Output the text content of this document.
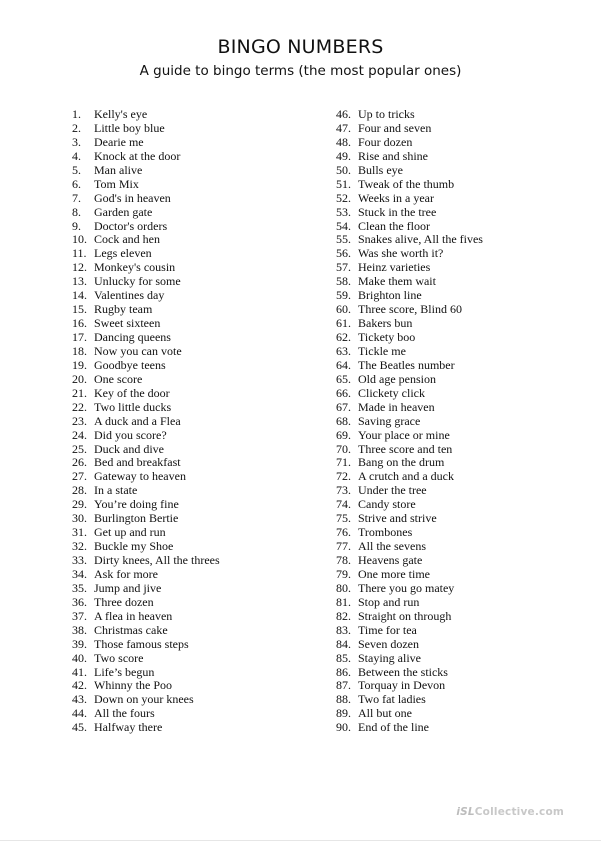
BINGO NUMBERS
A guide to bingo terms (the most popular ones)
1.	Kelly's eye
2.	Little boy blue
3.	Dearie me
4.	Knock at the door
5.	Man alive
6.	Tom Mix
7.	God's in heaven
8.	Garden gate
9.	Doctor's orders
10. Cock and hen
11. Legs eleven
12. Monkey's cousin
13. Unlucky for some
14. Valentines day
15. Rugby team
16. Sweet sixteen
17. Dancing queens
18. Now you can vote
19. Goodbye teens
20. One score
21. Key of the door
22. Two little ducks
23. A duck and a Flea
24. Did you score?
25. Duck and dive
26. Bed and breakfast
27. Gateway to heaven
28. In a state
29. You’re doing fine
30. Burlington Bertie
31. Get up and run
32. Buckle my Shoe
33. Dirty knees, All the threes
34. Ask for more
35. Jump and jive
36. Three dozen
37. A flea in heaven
38. Christmas cake
39. Those famous steps
40. Two score
41. Life’s begun
42. Whinny the Poo
43. Down on your knees
44. All the fours
45. Halfway there
46. Up to tricks
47. Four and seven
48. Four dozen
49. Rise and shine
50. Bulls eye
51. Tweak of the thumb
52. Weeks in a year
53. Stuck in the tree
54. Clean the floor
55. Snakes alive, All the fives
56. Was she worth it?
57. Heinz varieties
58. Make them wait
59. Brighton line
60. Three score, Blind 60
61. Bakers bun
62. Tickety boo
63. Tickle me
64. The Beatles number
65. Old age pension
66. Clickety click
67. Made in heaven
68. Saving grace
69. Your place or mine
70. Three score and ten
71. Bang on the drum
72. A crutch and a duck
73. Under the tree
74. Candy store
75. Strive and strive
76. Trombones
77. All the sevens
78. Heavens gate
79. One more time
80. There you go matey
81. Stop and run
82. Straight on through
83. Time for tea
84. Seven dozen
85. Staying alive
86. Between the sticks
87. Torquay in Devon
88. Two fat ladies
89. All but one
90. End of the line
iSLCollective.com
